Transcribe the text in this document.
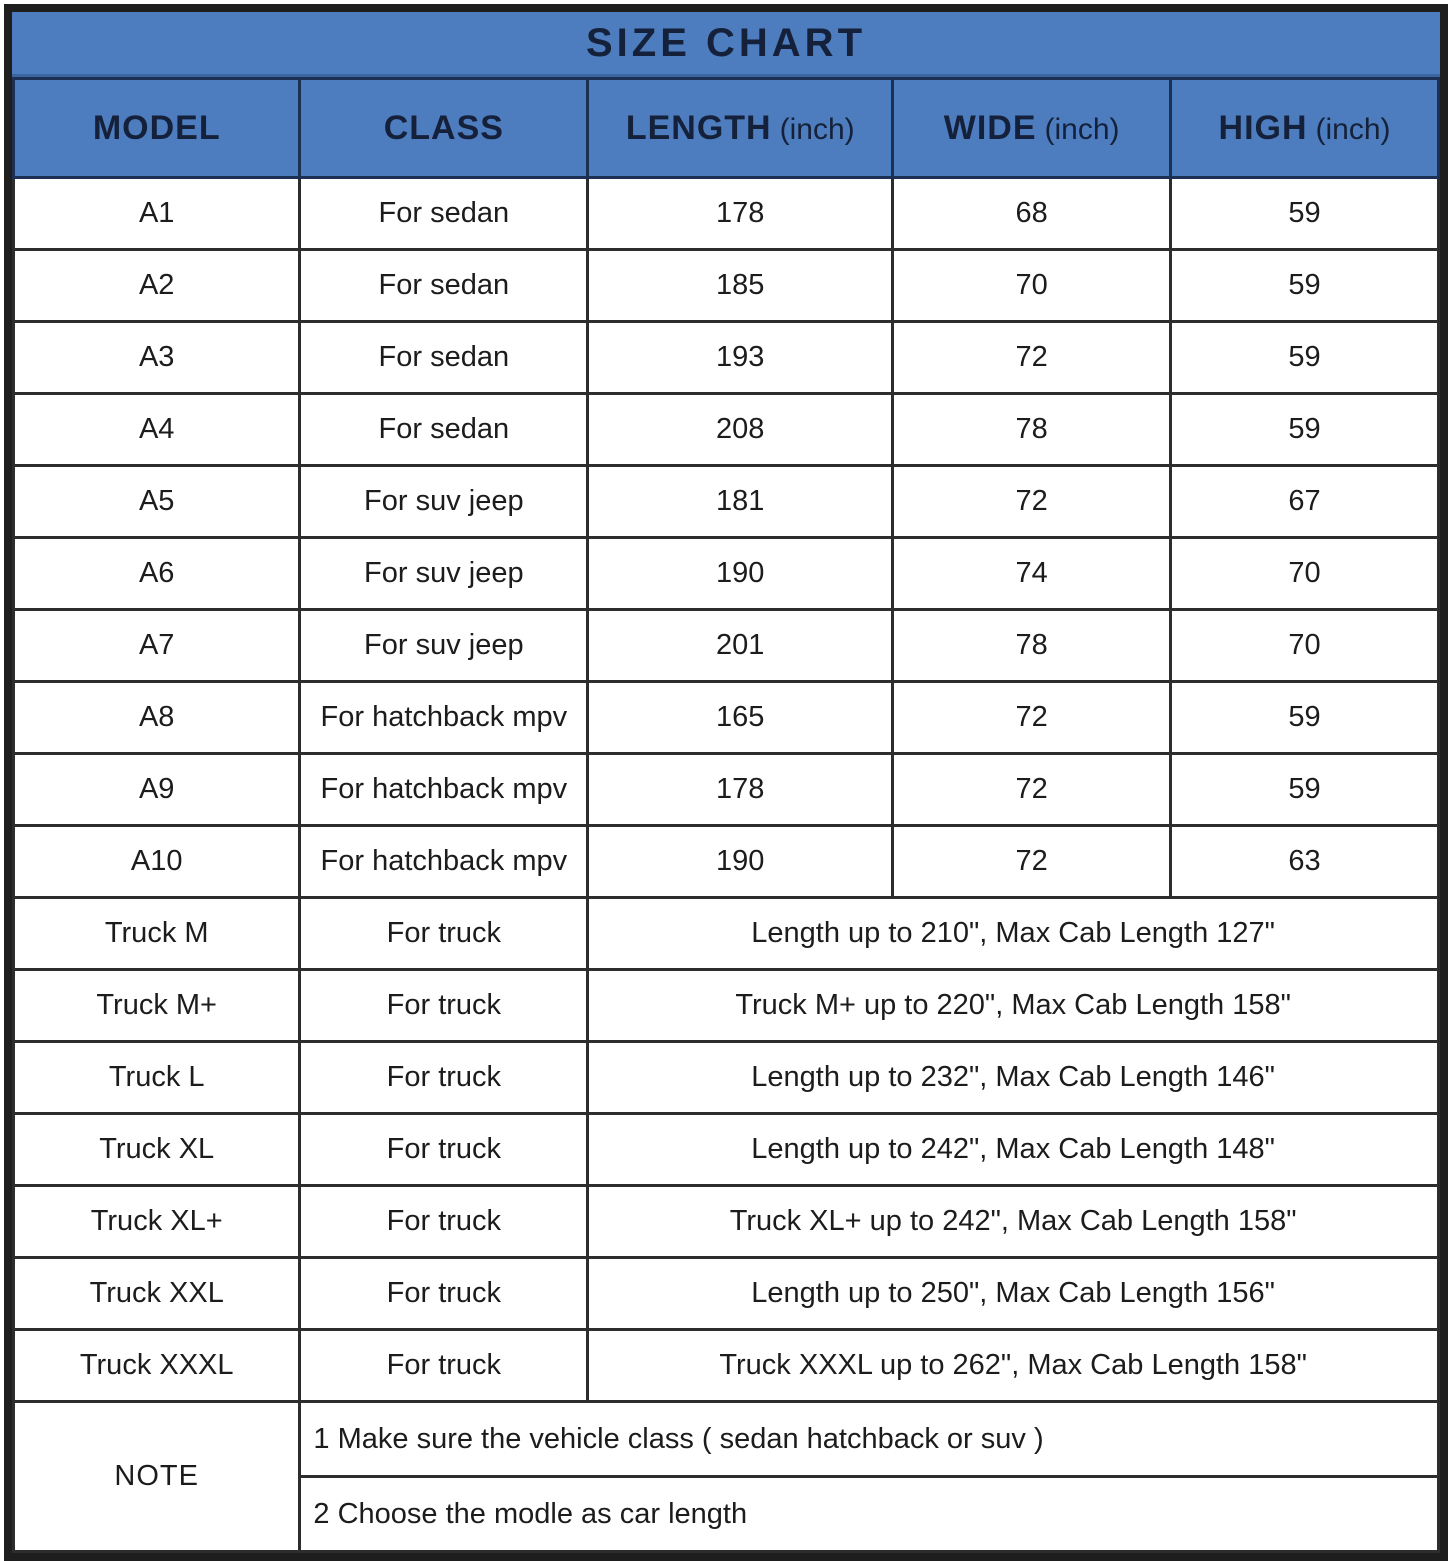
SIZE CHART
MODEL	CLASS	LENGTH (inch)	WIDE (inch)	HIGH (inch)
A1	For sedan	178	68	59
A2	For sedan	185	70	59
A3	For sedan	193	72	59
A4	For sedan	208	78	59
A5	For suv jeep	181	72	67
A6	For suv jeep	190	74	70
A7	For suv jeep	201	78	70
A8	For hatchback mpv	165	72	59
A9	For hatchback mpv	178	72	59
A10	For hatchback mpv	190	72	63
Truck M	For truck	Length up to 210", Max Cab Length 127"		
Truck M+	For truck	Truck M+ up to 220", Max Cab Length 158"		
Truck L	For truck	Length up to 232", Max Cab Length 146"		
Truck XL	For truck	Length up to 242", Max Cab Length 148"		
Truck XL+	For truck	Truck XL+ up to 242", Max Cab Length 158"		
Truck XXL	For truck	Length up to 250", Max Cab Length 156"		
Truck XXXL	For truck	Truck XXXL up to 262", Max Cab Length 158"		
NOTE	1 Make sure the vehicle class ( sedan hatchback or suv )			
	2 Choose the modle as car length			
